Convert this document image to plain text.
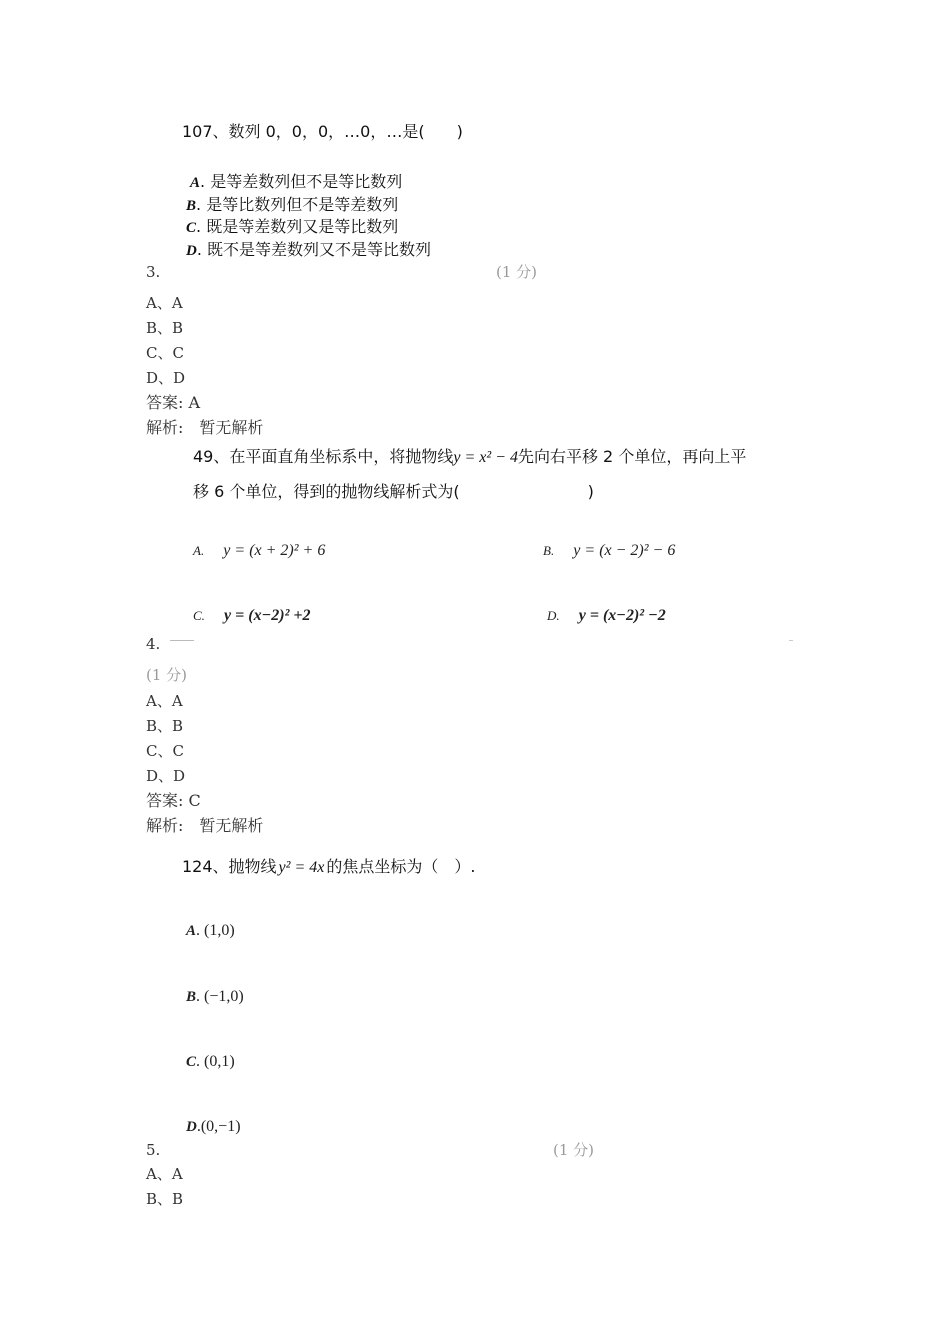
107、数列 0，0，0，…0，…是(　　)
A. 是等差数列但不是等比数列
B. 是等比数列但不是等差数列
C. 既是等差数列又是等比数列
D. 既不是等差数列又不是等比数列
3.	(1 分)
A、A
B、B
C、C
D、D
答案: A
解析:　暂无解析
49、在平面直角坐标系中，将抛物线y = x² − 4先向右平移 2 个单位，再向上平
移 6 个单位，得到的抛物线解析式为(　　　　　　　　)
A. y = (x + 2)² + 6	B. y = (x − 2)² − 6
C. y = (x−2)² +2	D. y = (x−2)² −2
4.
(1 分)
A、A
B、B
C、C
D、D
答案: C
解析:　暂无解析
124、抛物线 y² = 4x 的焦点坐标为（　）.
A. (1,0)
B. (−1,0)
C. (0,1)
D.(0,−1)
5.	(1 分)
A、A
B、B
